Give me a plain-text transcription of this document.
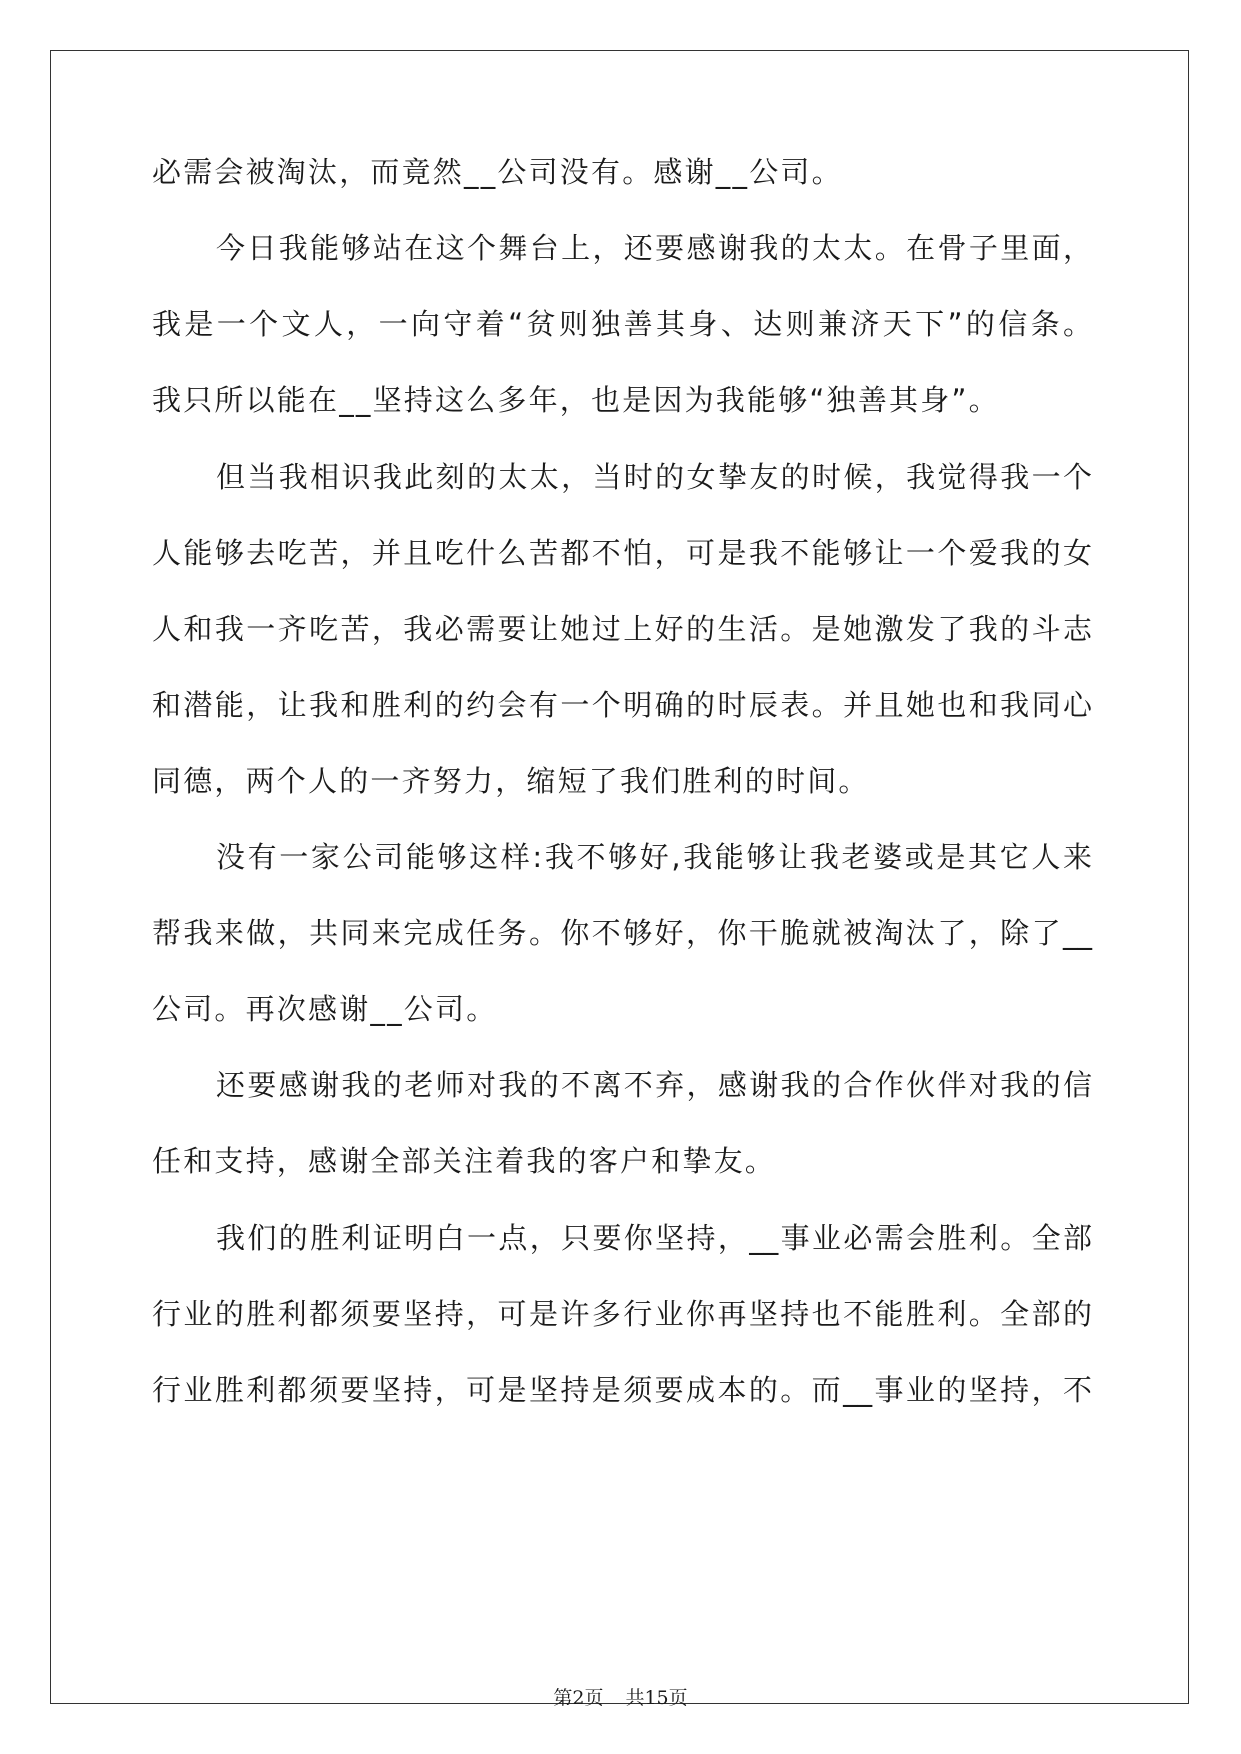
必需会被淘汰，而竟然__公司没有。感谢__公司。
今日我能够站在这个舞台上，还要感谢我的太太。在骨子里面，
我是一个文人，一向守着“贫则独善其身、达则兼济天下”的信条。
我只所以能在__坚持这么多年，也是因为我能够“独善其身”。
但当我相识我此刻的太太，当时的女挚友的时候，我觉得我一个
人能够去吃苦，并且吃什么苦都不怕，可是我不能够让一个爱我的女
人和我一齐吃苦，我必需要让她过上好的生活。是她激发了我的斗志
和潜能，让我和胜利的约会有一个明确的时辰表。并且她也和我同心
同德，两个人的一齐努力，缩短了我们胜利的时间。
没有一家公司能够这样:我不够好,我能够让我老婆或是其它人来
帮我来做，共同来完成任务。你不够好，你干脆就被淘汰了，除了__
公司。再次感谢__公司。
还要感谢我的老师对我的不离不弃，感谢我的合作伙伴对我的信
任和支持，感谢全部关注着我的客户和挚友。
我们的胜利证明白一点，只要你坚持，__事业必需会胜利。全部
行业的胜利都须要坚持，可是许多行业你再坚持也不能胜利。全部的
行业胜利都须要坚持，可是坚持是须要成本的。而__事业的坚持，不
第2页 共15页
